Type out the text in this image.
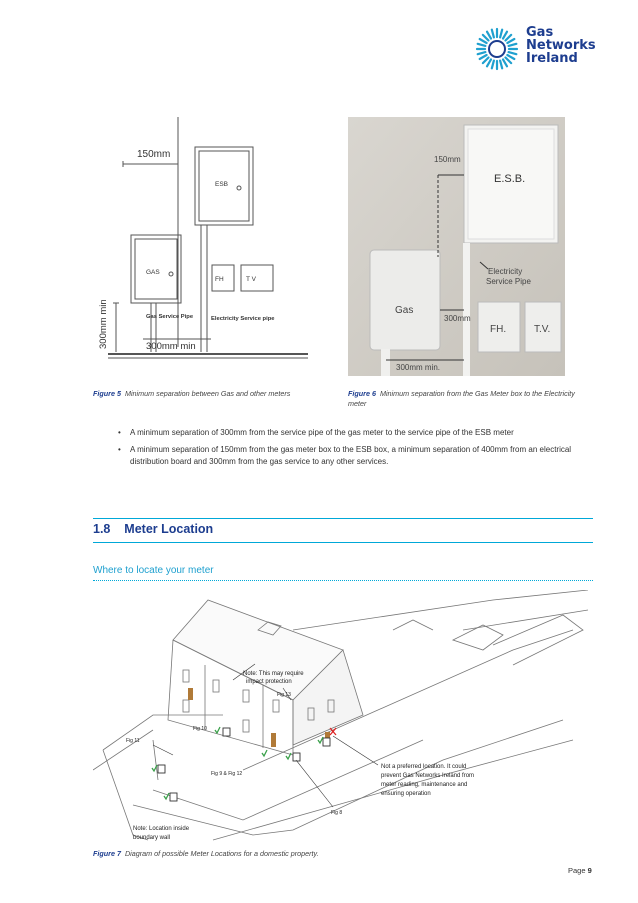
Gas
Networks
Ireland
150mm
ESB
GAS
FH	T V
Gas Service Pipe	Electricity Service pipe
300mm min
300mm min
150mm
E.S.B.
Electricity
Service Pipe
Gas
300mm
FH.	T.V.
300mm min.
Figure 5 Minimum separation between Gas and other meters	Figure 6 Minimum separation from the Gas Meter box to the Electricity meter
• A minimum separation of 300mm from the service pipe of the gas meter to the service pipe of the ESB meter
• A minimum separation of 150mm from the gas meter box to the ESB box, a minimum separation of 400mm from an electrical distribution board and 300mm from the gas service to any other services.
1.8 Meter Location
Where to locate your meter
Note: This may require
impact protection
Fig 13
Fig 10
Fig 11
Fig 9 & Fig 12
Fig 8
Not a preferred location. It could
prevent Gas Networks Ireland from
meter reading, maintenance and
ensuring operation
Note: Location inside
boundary wall
Figure 7 Diagram of possible Meter Locations for a domestic property.
Page 9
